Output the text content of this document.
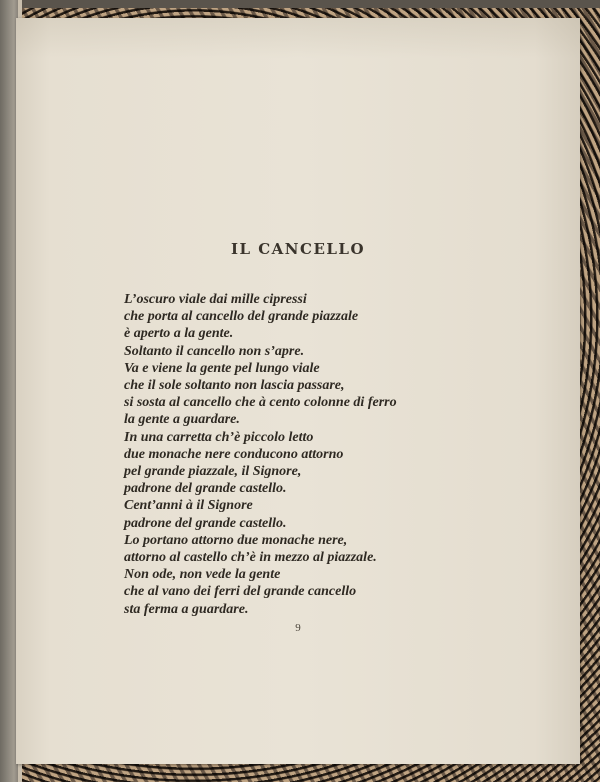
IL CANCELLO
L’oscuro viale dai mille cipressi
che porta al cancello del grande piazzale
è aperto a la gente.
Soltanto il cancello non s’apre.
Va e viene la gente pel lungo viale
che il sole soltanto non lascia passare,
si sosta al cancello che à cento colonne di ferro
la gente a guardare.
In una carretta ch’è piccolo letto
due monache nere conducono attorno
pel grande piazzale, il Signore,
padrone del grande castello.
Cent’anni à il Signore
padrone del grande castello.
Lo portano attorno due monache nere,
attorno al castello ch’è in mezzo al piazzale.
Non ode, non vede la gente
che al vano dei ferri del grande cancello
sta ferma a guardare.
9
